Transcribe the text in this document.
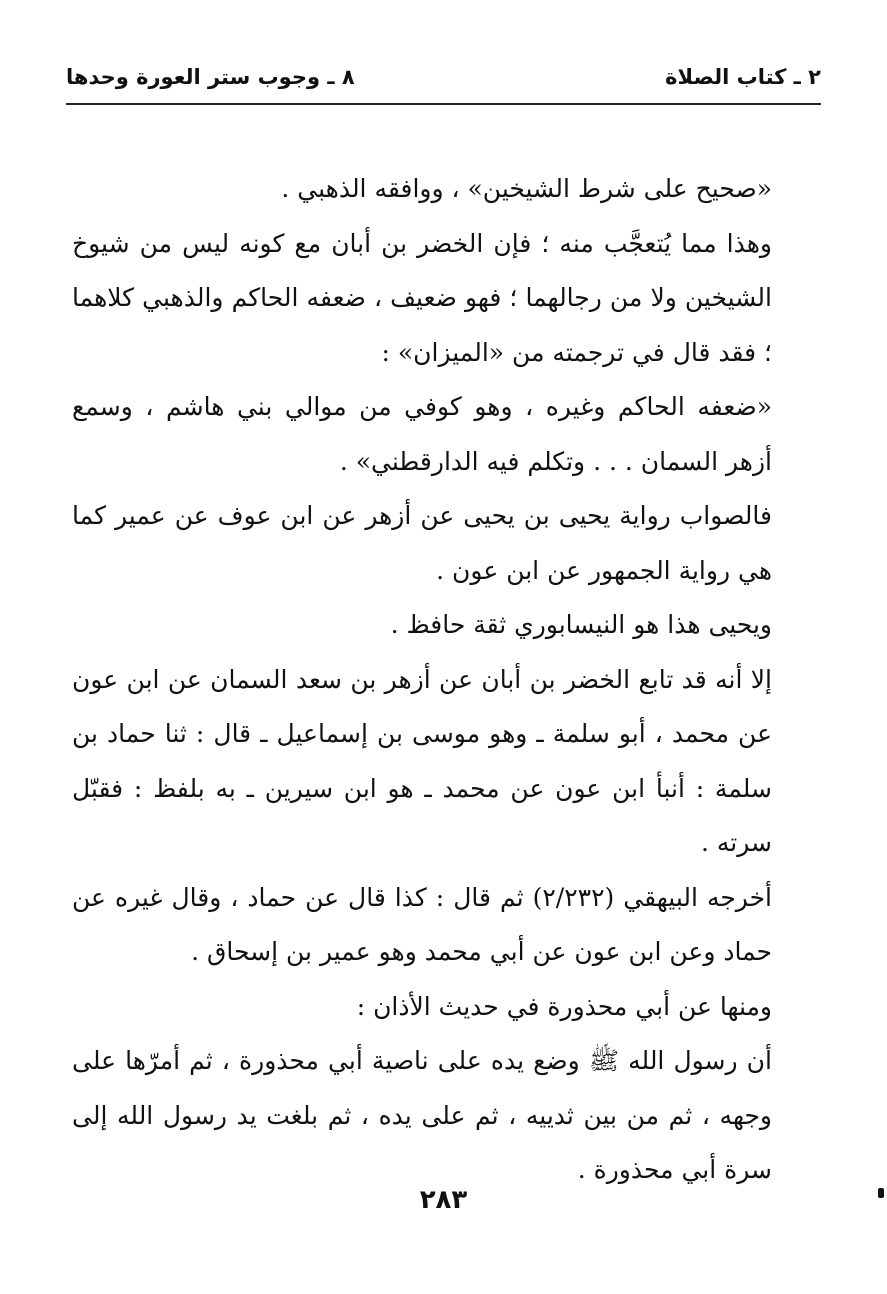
٢ ـ كتاب الصلاة
٨ ـ وجوب ستر العورة وحدها

«صحيح على شرط الشيخين» ، ووافقه الذهبي .

وهذا مما يُتعجَّب منه ؛ فإن الخضر بن أبان مع كونه ليس من شيوخ الشيخين ولا من رجالهما ؛ فهو ضعيف ، ضعفه الحاكم والذهبي كلاهما ؛ فقد قال في ترجمته من «الميزان» :

«ضعفه الحاكم وغيره ، وهو كوفي من موالي بني هاشم ، وسمع أزهر السمان . . . وتكلم فيه الدارقطني» .

فالصواب رواية يحيى بن يحيى عن أزهر عن ابن عوف عن عمير كما هي رواية الجمهور عن ابن عون .

ويحيى هذا هو النيسابوري ثقة حافظ .

إلا أنه قد تابع الخضر بن أبان عن أزهر بن سعد السمان عن ابن عون عن محمد ، أبو سلمة ـ وهو موسى بن إسماعيل ـ قال : ثنا حماد بن سلمة : أنبأ ابن عون عن محمد ـ هو ابن سيرين ـ به بلفظ : فقبّل سرته .

أخرجه البيهقي (٢/٢٣٢) ثم قال : كذا قال عن حماد ، وقال غيره عن حماد وعن ابن عون عن أبي محمد وهو عمير بن إسحاق .

ومنها عن أبي محذورة في حديث الأذان :

أن رسول الله ﷺ وضع يده على ناصية أبي محذورة ، ثم أمرّها على وجهه ، ثم من بين ثدييه ، ثم على يده ، ثم بلغت يد رسول الله إلى سرة أبي محذورة .

٢٨٣
